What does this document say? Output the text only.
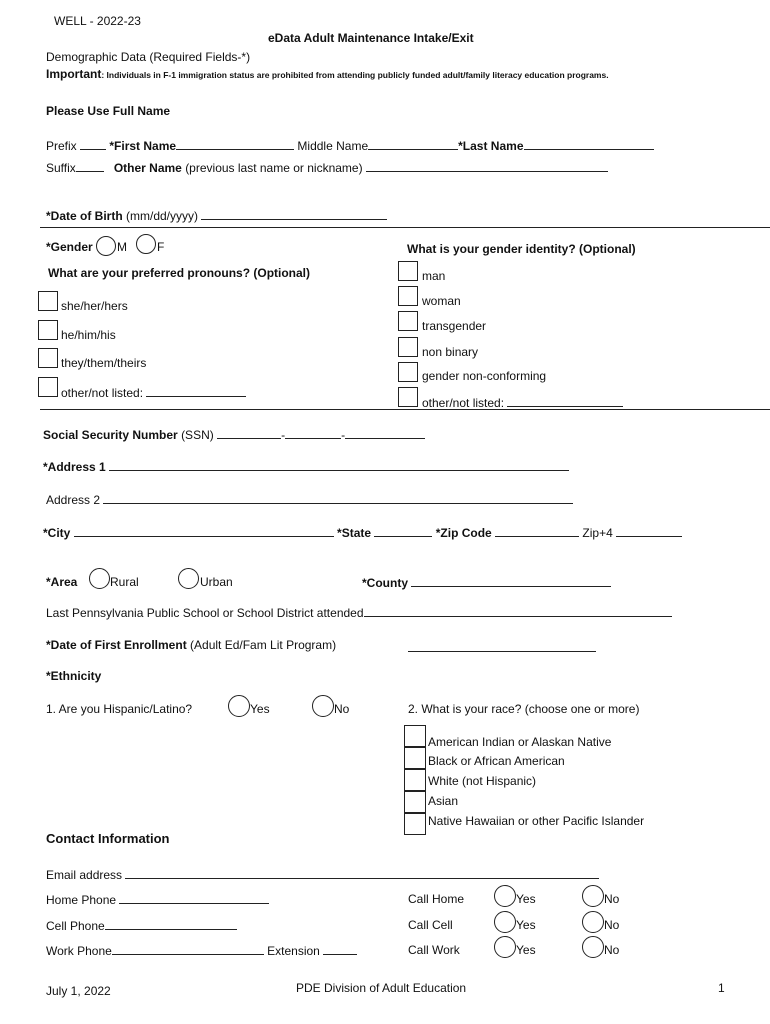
WELL - 2022-23
eData Adult Maintenance Intake/Exit
Demographic Data (Required Fields-*)
Important: Individuals in F-1 immigration status are prohibited from attending publicly funded adult/family literacy education programs.
Please Use Full Name
Prefix	*First Name	Middle Name	*Last Name
Suffix	Other Name (previous last name or nickname)
*Date of Birth (mm/dd/yyyy)
*Gender M	F	What is your gender identity? (Optional)
What are your preferred pronouns? (Optional)
she/her/hers
he/him/his
they/them/theirs
other/not listed:
man
woman
transgender
non binary
gender non-conforming
other/not listed:
Social Security Number (SSN)	-	-
*Address 1
Address 2
*City	*State	*Zip Code	Zip+4
*Area	Rural	Urban	*County
Last Pennsylvania Public School or School District attended
*Date of First Enrollment (Adult Ed/Fam Lit Program)
*Ethnicity
1. Are you Hispanic/Latino?	Yes	No	2. What is your race? (choose one or more)
American Indian or Alaskan Native
Black or African American
White (not Hispanic)
Asian
Native Hawaiian or other Pacific Islander
Contact Information
Email address
Home Phone
Cell Phone
Work Phone	Extension
Call Home	Yes	No
Call Cell	Yes	No
Call Work	Yes	No
July 1, 2022	PDE Division of Adult Education	1
